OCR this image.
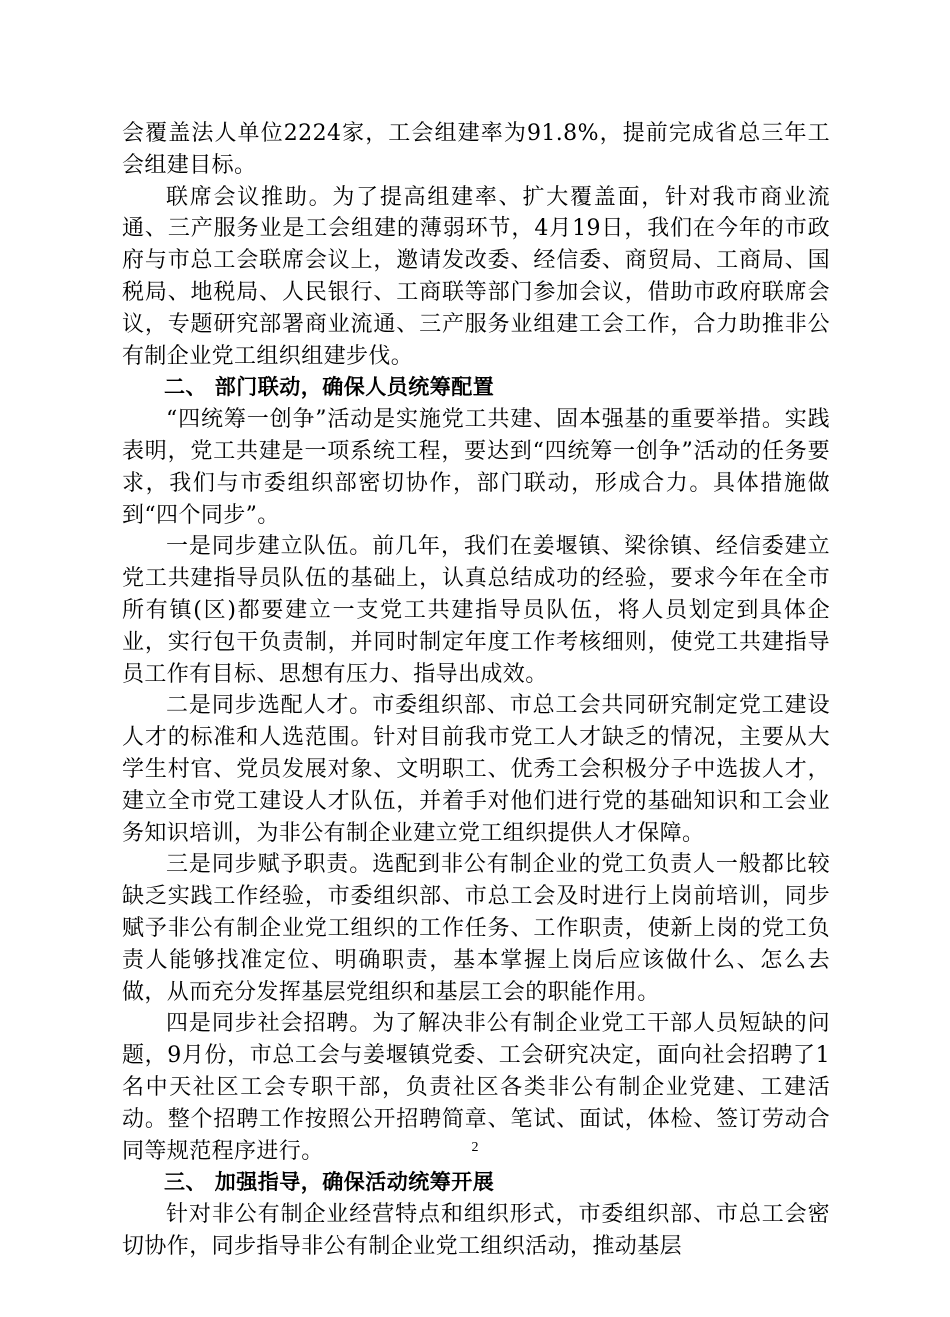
会覆盖法人单位2224家，工会组建率为91.8%，提前完成省总三年工会组建目标。

联席会议推助。为了提高组建率、扩大覆盖面，针对我市商业流通、三产服务业是工会组建的薄弱环节，4月19日，我们在今年的市政府与市总工会联席会议上，邀请发改委、经信委、商贸局、工商局、国税局、地税局、人民银行、工商联等部门参加会议，借助市政府联席会议，专题研究部署商业流通、三产服务业组建工会工作，合力助推非公有制企业党工组织组建步伐。

二、 部门联动，确保人员统筹配置

“四统筹一创争”活动是实施党工共建、固本强基的重要举措。实践表明，党工共建是一项系统工程，要达到“四统筹一创争”活动的任务要求，我们与市委组织部密切协作，部门联动，形成合力。具体措施做到“四个同步”。

一是同步建立队伍。前几年，我们在姜堰镇、梁徐镇、经信委建立党工共建指导员队伍的基础上，认真总结成功的经验，要求今年在全市所有镇(区)都要建立一支党工共建指导员队伍，将人员划定到具体企业，实行包干负责制，并同时制定年度工作考核细则，使党工共建指导员工作有目标、思想有压力、指导出成效。

二是同步选配人才。市委组织部、市总工会共同研究制定党工建设人才的标准和人选范围。针对目前我市党工人才缺乏的情况，主要从大学生村官、党员发展对象、文明职工、优秀工会积极分子中选拔人才，建立全市党工建设人才队伍，并着手对他们进行党的基础知识和工会业务知识培训，为非公有制企业建立党工组织提供人才保障。

三是同步赋予职责。选配到非公有制企业的党工负责人一般都比较缺乏实践工作经验，市委组织部、市总工会及时进行上岗前培训，同步赋予非公有制企业党工组织的工作任务、工作职责，使新上岗的党工负责人能够找准定位、明确职责，基本掌握上岗后应该做什么、怎么去做，从而充分发挥基层党组织和基层工会的职能作用。

四是同步社会招聘。为了解决非公有制企业党工干部人员短缺的问题，9月份，市总工会与姜堰镇党委、工会研究决定，面向社会招聘了1名中天社区工会专职干部，负责社区各类非公有制企业党建、工建活动。整个招聘工作按照公开招聘简章、笔试、面试，体检、签订劳动合同等规范程序进行。

三、 加强指导，确保活动统筹开展

针对非公有制企业经营特点和组织形式，市委组织部、市总工会密切协作，同步指导非公有制企业党工组织活动，推动基层

2
